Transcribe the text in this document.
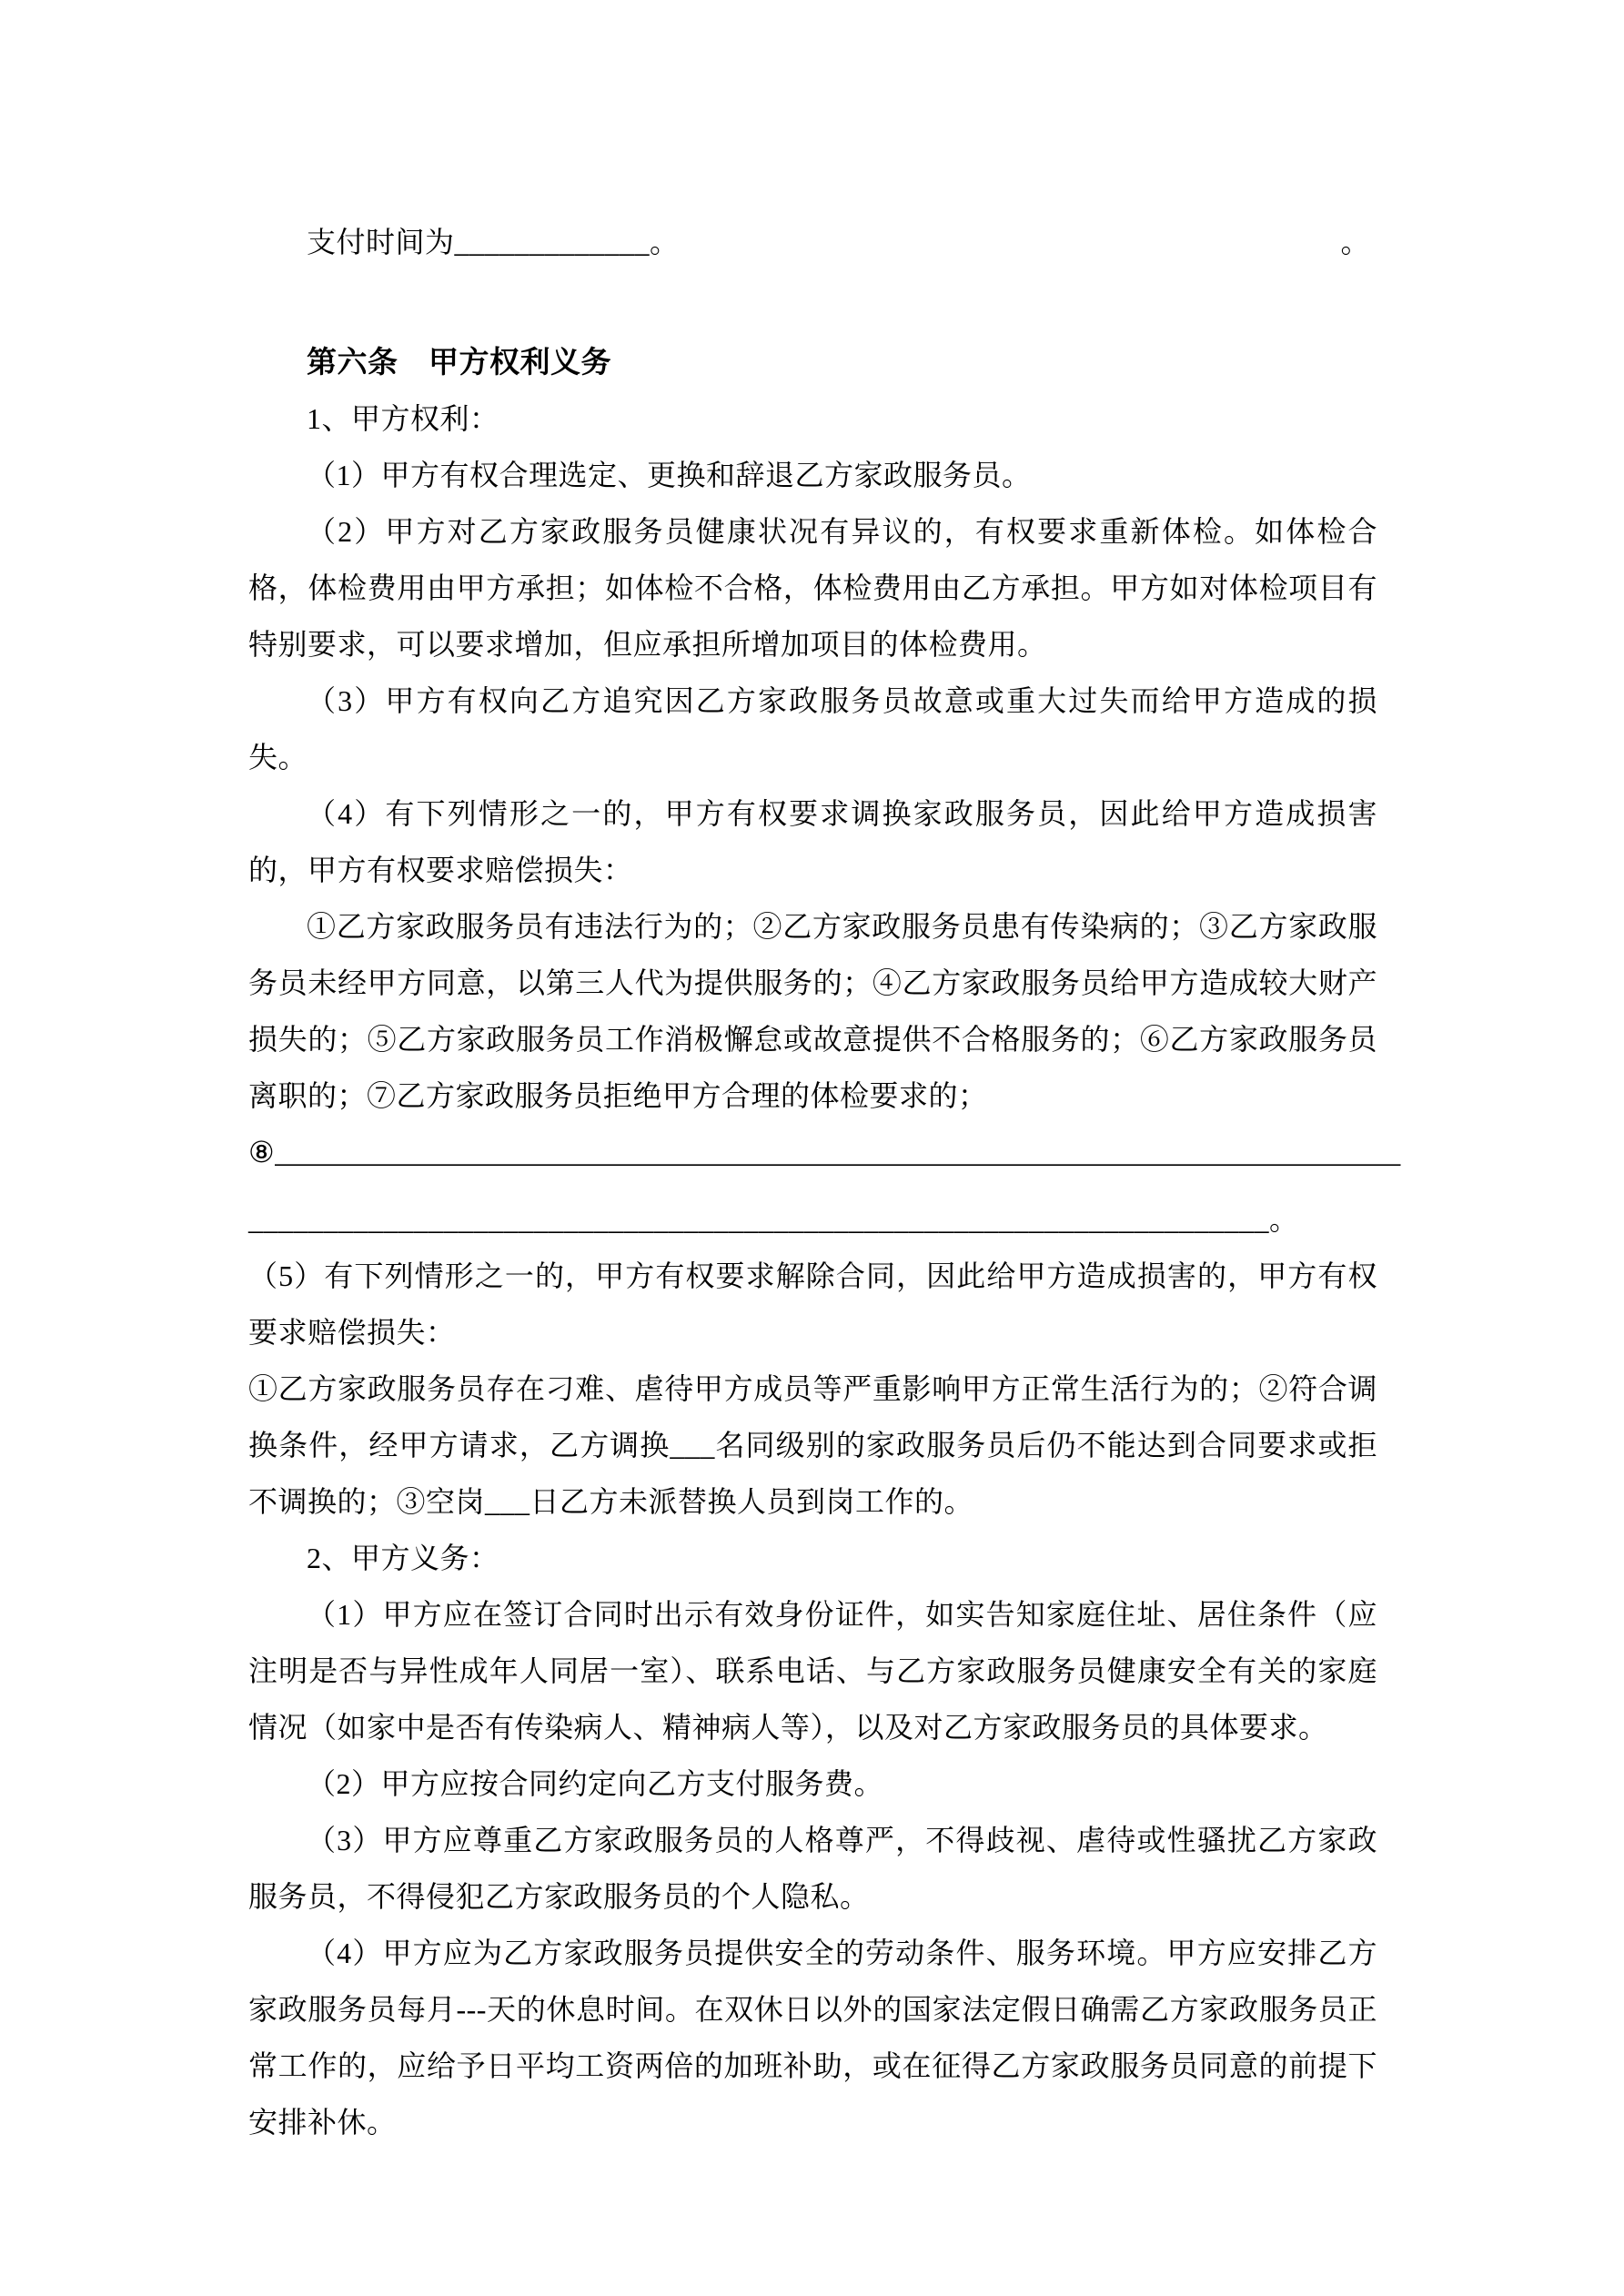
支付时间为_____________。	。

第六条　甲方权利义务

1、甲方权利：

（1）甲方有权合理选定、更换和辞退乙方家政服务员。

（2）甲方对乙方家政服务员健康状况有异议的，有权要求重新体检。如体检合格，体检费用由甲方承担；如体检不合格，体检费用由乙方承担。甲方如对体检项目有特别要求，可以要求增加，但应承担所增加项目的体检费用。

（3）甲方有权向乙方追究因乙方家政服务员故意或重大过失而给甲方造成的损失。

（4）有下列情形之一的，甲方有权要求调换家政服务员，因此给甲方造成损害的，甲方有权要求赔偿损失：

①乙方家政服务员有违法行为的；②乙方家政服务员患有传染病的；③乙方家政服务员未经甲方同意，以第三人代为提供服务的；④乙方家政服务员给甲方造成较大财产损失的；⑤乙方家政服务员工作消极懈怠或故意提供不合格服务的；⑥乙方家政服务员离职的；⑦乙方家政服务员拒绝甲方合理的体检要求的；

⑧___________________________________________________________________________

____________________________________________________________________。

（5）有下列情形之一的，甲方有权要求解除合同，因此给甲方造成损害的，甲方有权要求赔偿损失：

①乙方家政服务员存在刁难、虐待甲方成员等严重影响甲方正常生活行为的；②符合调换条件，经甲方请求，乙方调换___名同级别的家政服务员后仍不能达到合同要求或拒不调换的；③空岗___日乙方未派替换人员到岗工作的。

2、甲方义务：

（1）甲方应在签订合同时出示有效身份证件，如实告知家庭住址、居住条件（应注明是否与异性成年人同居一室）、联系电话、与乙方家政服务员健康安全有关的家庭情况（如家中是否有传染病人、精神病人等），以及对乙方家政服务员的具体要求。

（2）甲方应按合同约定向乙方支付服务费。

（3）甲方应尊重乙方家政服务员的人格尊严，不得歧视、虐待或性骚扰乙方家政服务员，不得侵犯乙方家政服务员的个人隐私。

（4）甲方应为乙方家政服务员提供安全的劳动条件、服务环境。甲方应安排乙方家政服务员每月---天的休息时间。在双休日以外的国家法定假日确需乙方家政服务员正常工作的，应给予日平均工资两倍的加班补助，或在征得乙方家政服务员同意的前提下安排补休。
